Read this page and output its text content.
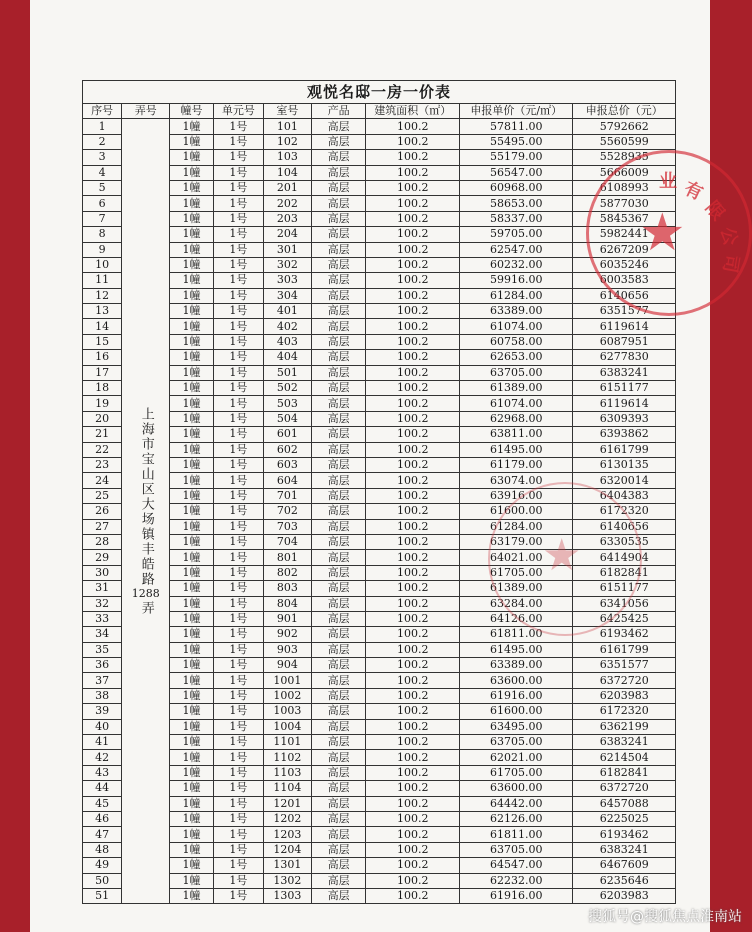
观悦名邸一房一价表								
序号	弄号	幢号	单元号	室号	产品	建筑面积（㎡）	申报单价（元/㎡）	申报总价（元）
1	上海市宝山区大场镇丰皓路1288弄	1幢	1号	101	高层	100.2	57811.00	5792662
2		1幢	1号	102	高层	100.2	55495.00	5560599
3		1幢	1号	103	高层	100.2	55179.00	5528935
4		1幢	1号	104	高层	100.2	56547.00	5666009
5		1幢	1号	201	高层	100.2	60968.00	6108993
6		1幢	1号	202	高层	100.2	58653.00	5877030
7		1幢	1号	203	高层	100.2	58337.00	5845367
8		1幢	1号	204	高层	100.2	59705.00	5982441
9		1幢	1号	301	高层	100.2	62547.00	6267209
10		1幢	1号	302	高层	100.2	60232.00	6035246
11		1幢	1号	303	高层	100.2	59916.00	6003583
12		1幢	1号	304	高层	100.2	61284.00	6140656
13		1幢	1号	401	高层	100.2	63389.00	6351577
14		1幢	1号	402	高层	100.2	61074.00	6119614
15		1幢	1号	403	高层	100.2	60758.00	6087951
16		1幢	1号	404	高层	100.2	62653.00	6277830
17		1幢	1号	501	高层	100.2	63705.00	6383241
18		1幢	1号	502	高层	100.2	61389.00	6151177
19		1幢	1号	503	高层	100.2	61074.00	6119614
20		1幢	1号	504	高层	100.2	62968.00	6309393
21		1幢	1号	601	高层	100.2	63811.00	6393862
22		1幢	1号	602	高层	100.2	61495.00	6161799
23		1幢	1号	603	高层	100.2	61179.00	6130135
24		1幢	1号	604	高层	100.2	63074.00	6320014
25		1幢	1号	701	高层	100.2	63916.00	6404383
26		1幢	1号	702	高层	100.2	61600.00	6172320
27		1幢	1号	703	高层	100.2	61284.00	6140656
28		1幢	1号	704	高层	100.2	63179.00	6330535
29		1幢	1号	801	高层	100.2	64021.00	6414904
30		1幢	1号	802	高层	100.2	61705.00	6182841
31		1幢	1号	803	高层	100.2	61389.00	6151177
32		1幢	1号	804	高层	100.2	63284.00	6341056
33		1幢	1号	901	高层	100.2	64126.00	6425425
34		1幢	1号	902	高层	100.2	61811.00	6193462
35		1幢	1号	903	高层	100.2	61495.00	6161799
36		1幢	1号	904	高层	100.2	63389.00	6351577
37		1幢	1号	1001	高层	100.2	63600.00	6372720
38		1幢	1号	1002	高层	100.2	61916.00	6203983
39		1幢	1号	1003	高层	100.2	61600.00	6172320
40		1幢	1号	1004	高层	100.2	63495.00	6362199
41		1幢	1号	1101	高层	100.2	63705.00	6383241
42		1幢	1号	1102	高层	100.2	62021.00	6214504
43		1幢	1号	1103	高层	100.2	61705.00	6182841
44		1幢	1号	1104	高层	100.2	63600.00	6372720
45		1幢	1号	1201	高层	100.2	64442.00	6457088
46		1幢	1号	1202	高层	100.2	62126.00	6225025
47		1幢	1号	1203	高层	100.2	61811.00	6193462
48		1幢	1号	1204	高层	100.2	63705.00	6383241
49		1幢	1号	1301	高层	100.2	64547.00	6467609
50		1幢	1号	1302	高层	100.2	62232.00	6235646
51		1幢	1号	1303	高层	100.2	61916.00	6203983
★
业 有
限
公
司
★
搜狐号@搜狐焦点淮南站
